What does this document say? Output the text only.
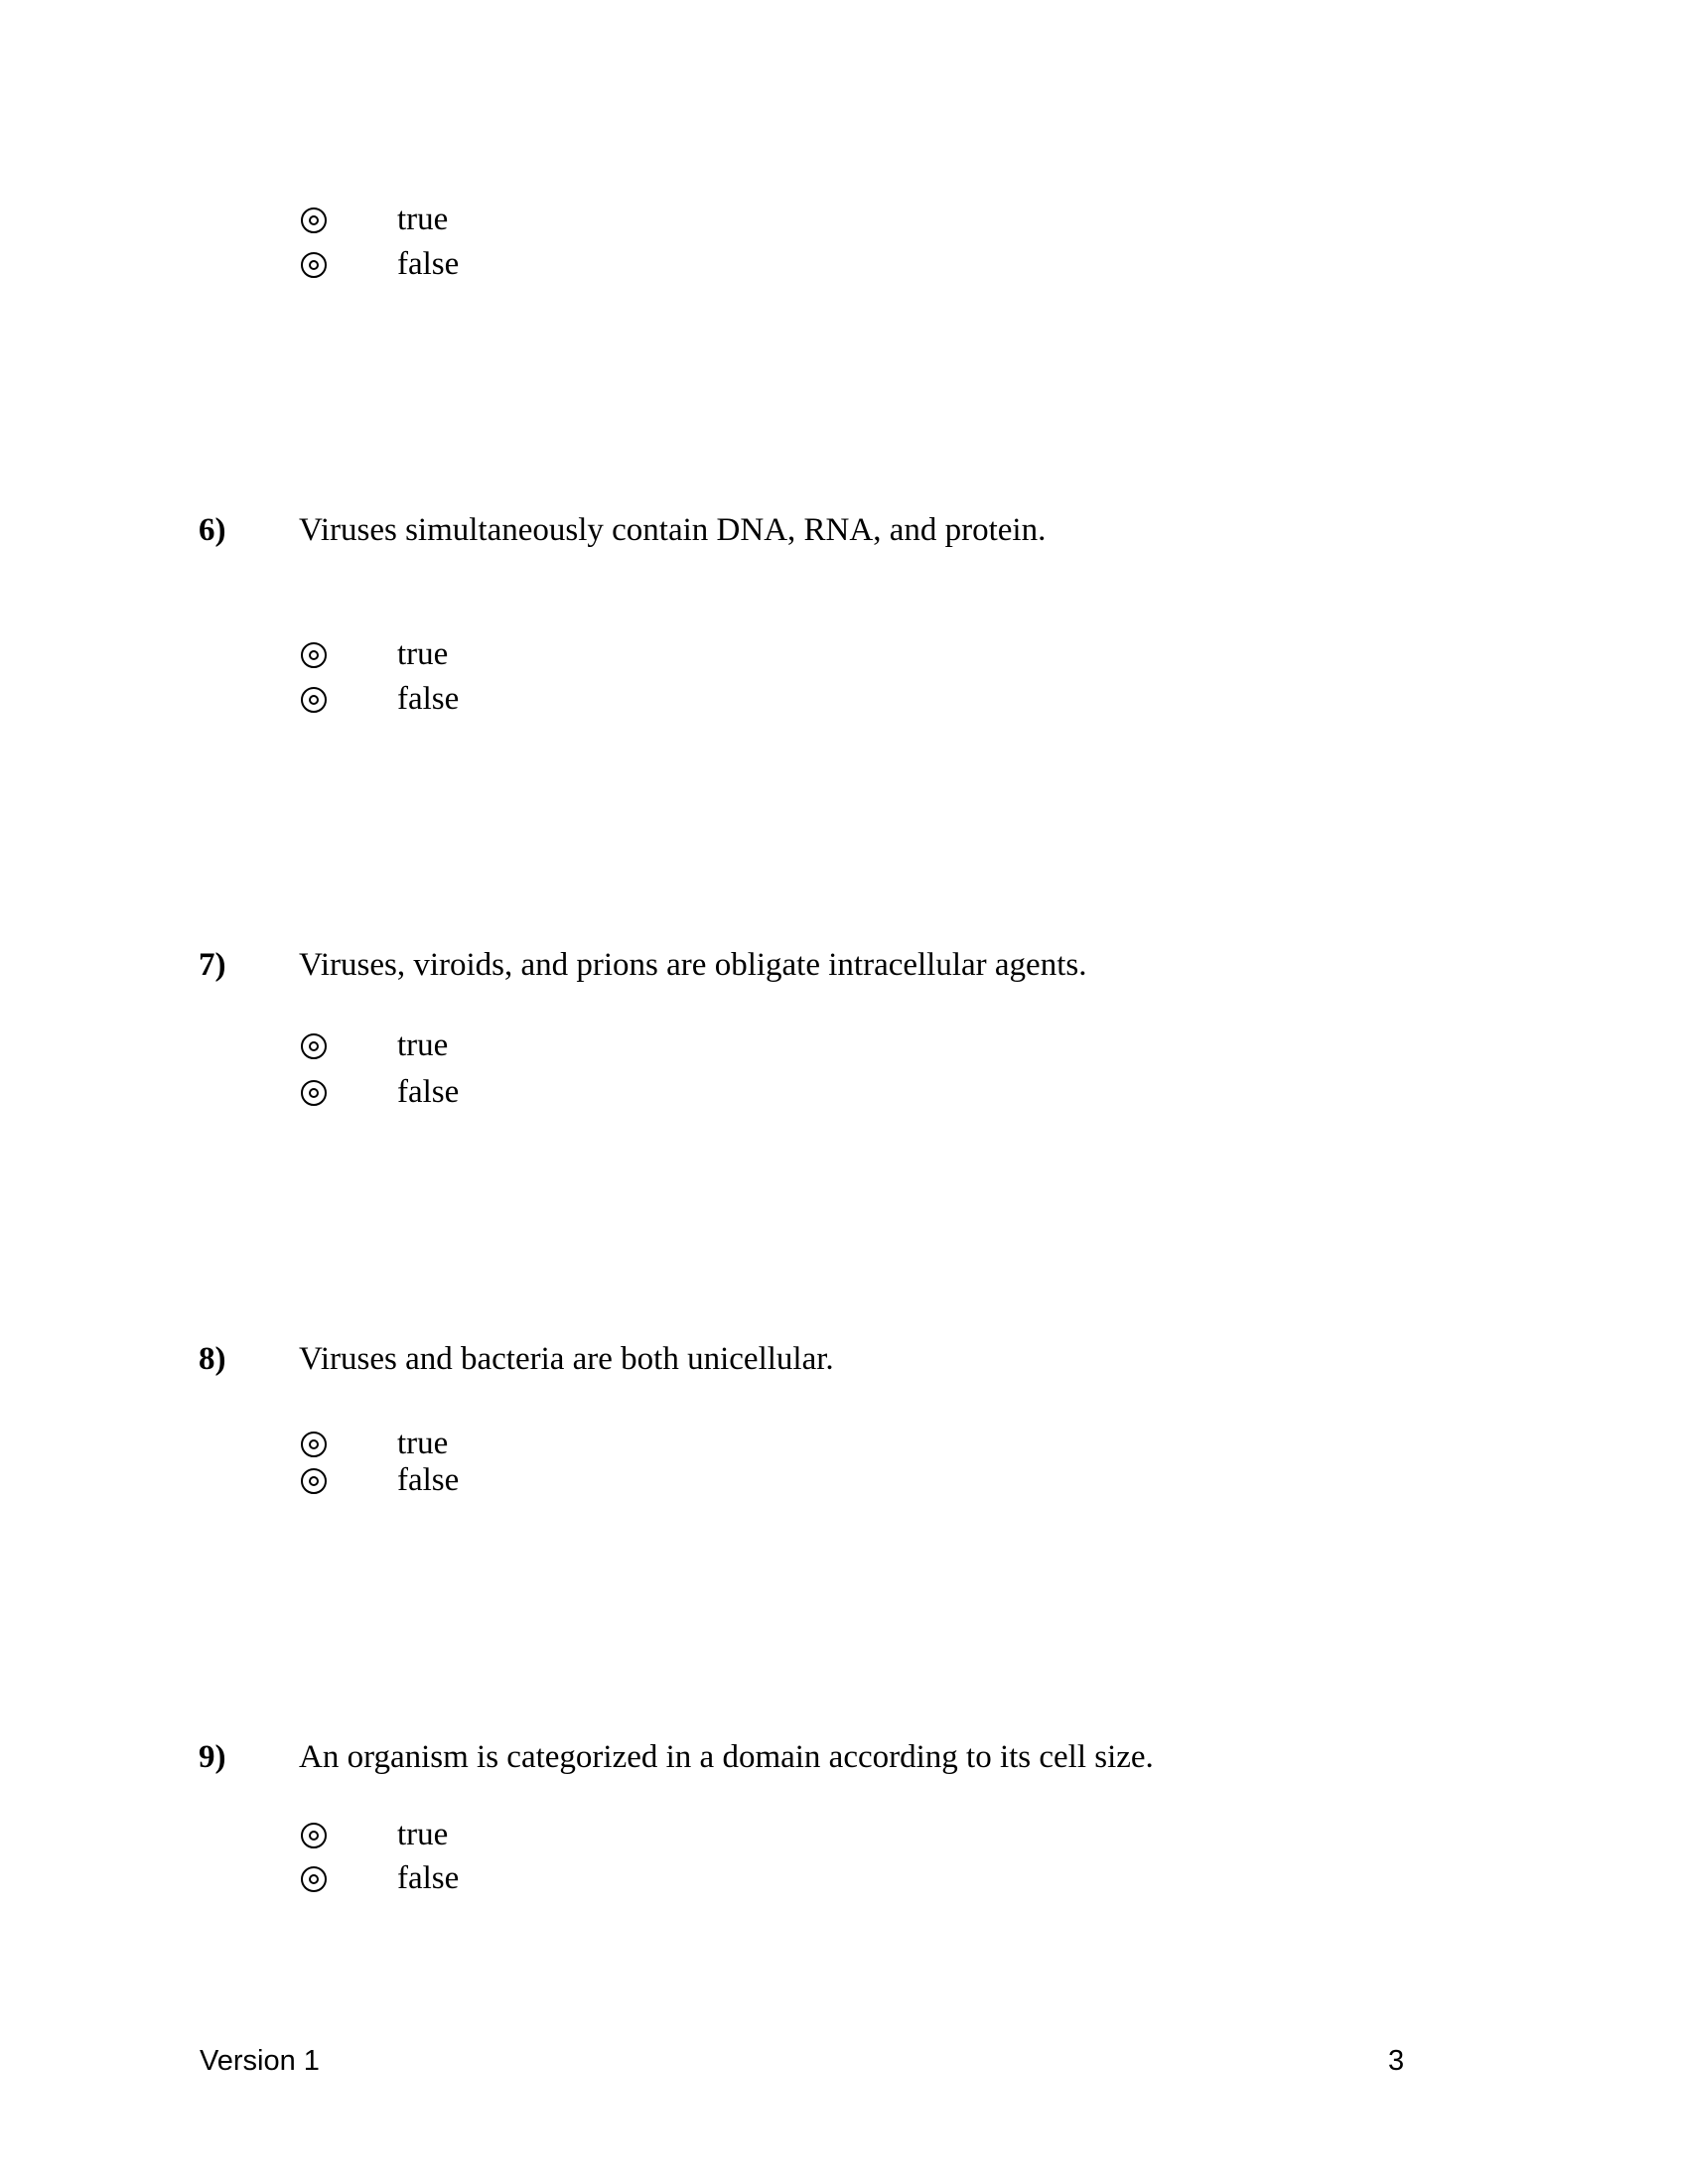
true
false
6) Viruses simultaneously contain DNA, RNA, and protein.
true
false
7) Viruses, viroids, and prions are obligate intracellular agents.
true
false
8) Viruses and bacteria are both unicellular.
true
false
9) An organism is categorized in a domain according to its cell size.
true
false
Version 1	3
